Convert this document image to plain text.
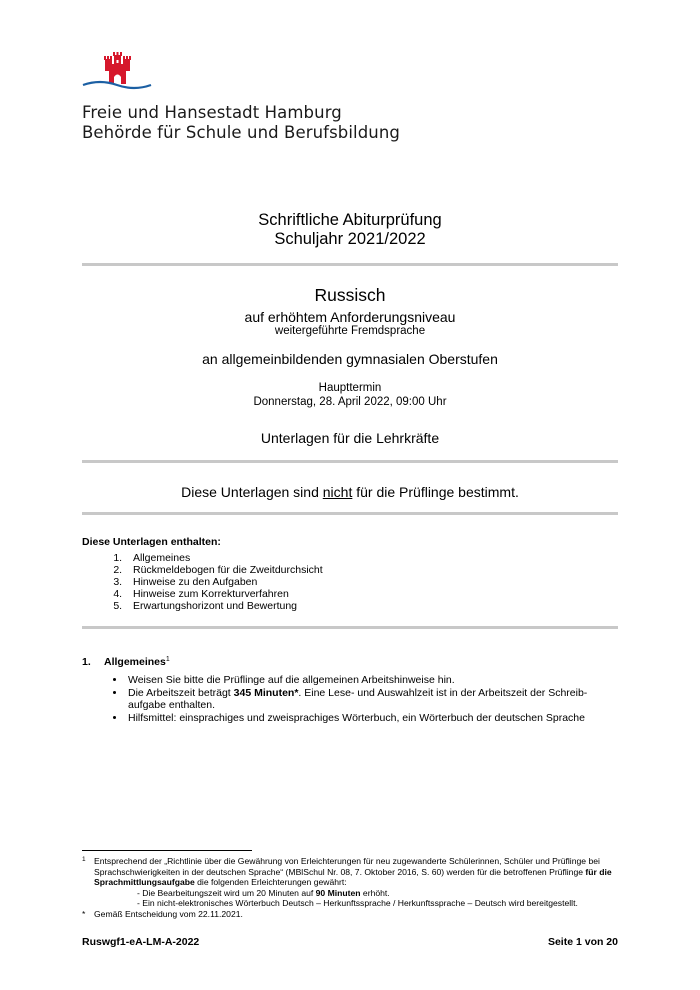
Freie und Hansestadt Hamburg
Behörde für Schule und Berufsbildung
Schriftliche Abiturprüfung
Schuljahr 2021/2022
Russisch
auf erhöhtem Anforderungsniveau
weitergeführte Fremdsprache
an allgemeinbildenden gymnasialen Oberstufen
Haupttermin
Donnerstag, 28. April 2022, 09:00 Uhr
Unterlagen für die Lehrkräfte
Diese Unterlagen sind nicht für die Prüflinge bestimmt.
Diese Unterlagen enthalten:
1. Allgemeines
2. Rückmeldebogen für die Zweitdurchsicht
3. Hinweise zu den Aufgaben
4. Hinweise zum Korrekturverfahren
5. Erwartungshorizont und Bewertung
1. Allgemeines$^1$
• Weisen Sie bitte die Prüflinge auf die allgemeinen Arbeitshinweise hin.
• Die Arbeitszeit beträgt 345 Minuten*. Eine Lese- und Auswahlzeit ist in der Arbeitszeit der Schreib-aufgabe enthalten.
• Hilfsmittel: einsprachiges und zweisprachiges Wörterbuch, ein Wörterbuch der deutschen Sprache
1 Entsprechend der „Richtlinie über die Gewährung von Erleichterungen für neu zugewanderte Schülerinnen, Schüler und Prüflinge bei Sprachschwierigkeiten in der deutschen Sprache“ (MBlSchul Nr. 08, 7. Oktober 2016, S. 60) werden für die betroffenen Prüflinge für die Sprachmittlungsaufgabe die folgenden Erleichterungen gewährt:
- Die Bearbeitungszeit wird um 20 Minuten auf 90 Minuten erhöht.
- Ein nicht-elektronisches Wörterbuch Deutsch – Herkunftssprache / Herkunftssprache – Deutsch wird bereitgestellt.
* Gemäß Entscheidung vom 22.11.2021.
Ruswgf1-eA-LM-A-2022	Seite 1 von 20
